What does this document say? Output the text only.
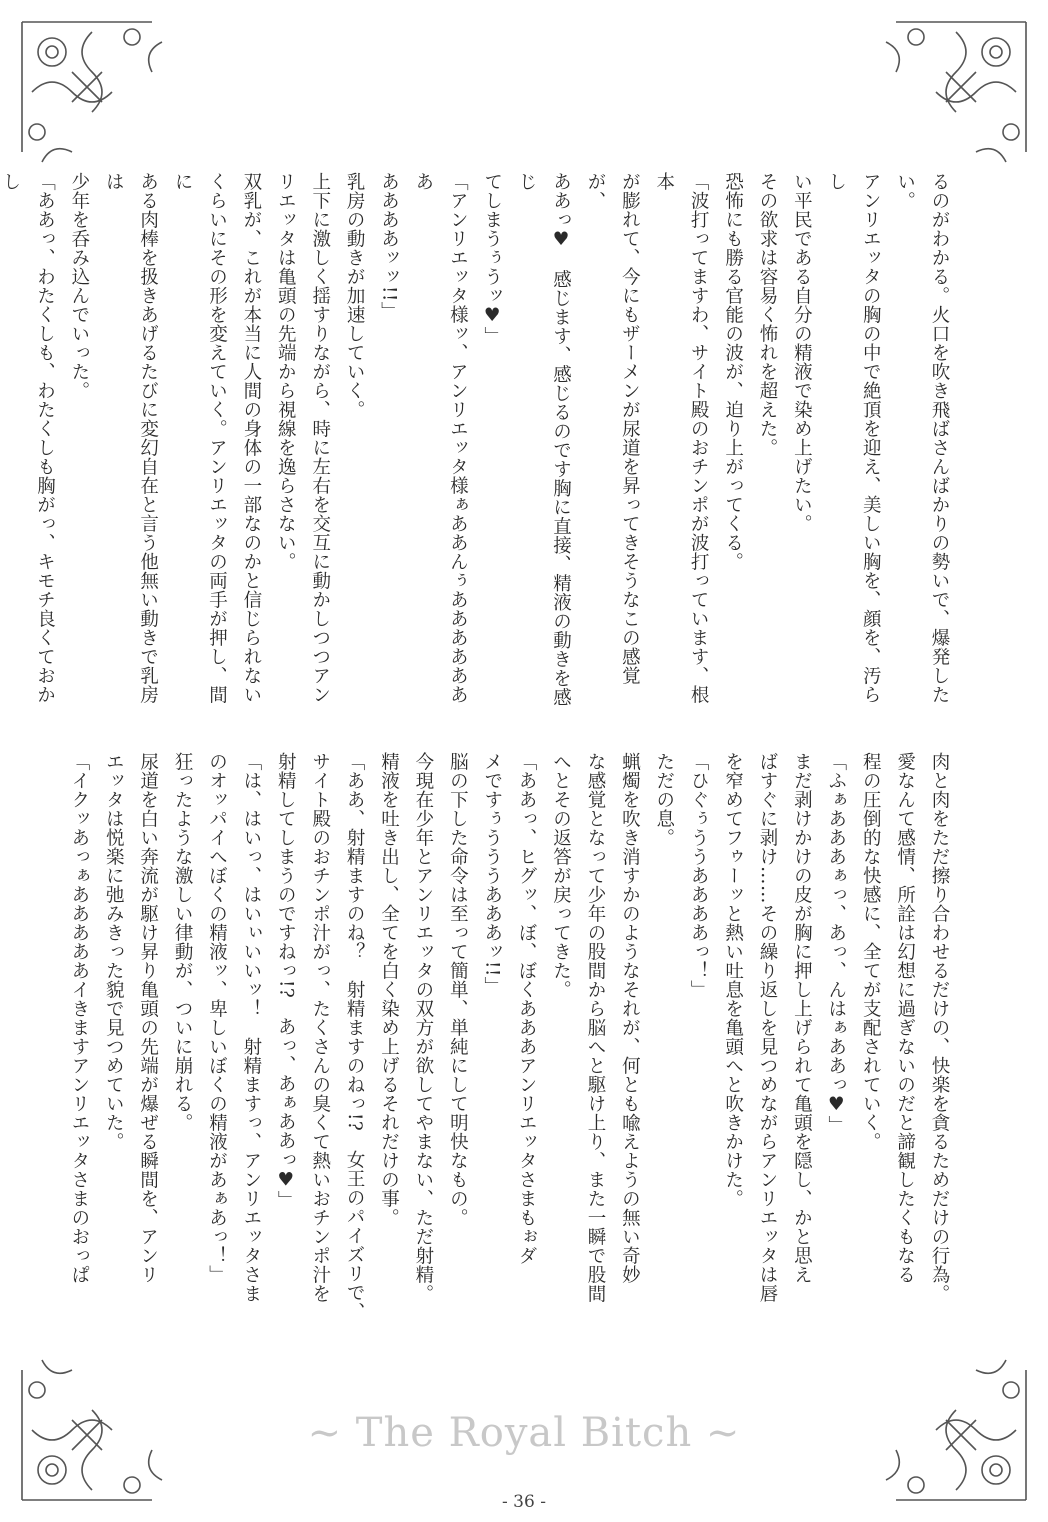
るのがわかる。火口を吹き飛ばさんばかりの勢いで、爆発したい。

アンリエッタの胸の中で絶頂を迎え、美しい胸を、顔を、汚らし

い平民である自分の精液で染め上げたい。

その欲求は容易く怖れを超えた。

恐怖にも勝る官能の波が、迫り上がってくる。

「波打ってますわ、サイト殿のおチンポが波打っています、根本

が膨れて、今にもザーメンが尿道を昇ってきそうなこの感覚が、

ああっ♥　感じます、感じるのです胸に直接、精液の動きを感じ

てしまうぅうッ♥」

「アンリエッタ様ッ、アンリエッタ様ぁああんぅあああああああ

ああああッッ!!」

乳房の動きが加速していく。

上下に激しく揺すりながら、時に左右を交互に動かしつつアン

リエッタは亀頭の先端から視線を逸らさない。

双乳が、これが本当に人間の身体の一部なのかと信じられない

くらいにその形を変えていく。アンリエッタの両手が押し、間に

ある肉棒を扱きあげるたびに変幻自在と言う他無い動きで乳房は

少年を呑み込んでいった。

「ああっ、わたくしも、わたくしも胸がっ、キモチ良くておかし

肉と肉をただ擦り合わせるだけの、快楽を貪るためだけの行為。

愛なんて感情、所詮は幻想に過ぎないのだと諦観したくもなる

程の圧倒的な快感に、全てが支配されていく。

「ふぁあああぁっ、あっ、んはぁああっ♥」

まだ剥けかけの皮が胸に押し上げられて亀頭を隠し、かと思え

ばすぐに剥け……その繰り返しを見つめながらアンリエッタは唇

を窄めてフゥーッと熱い吐息を亀頭へと吹きかけた。

「ひぐぅううああああっ！」

ただの息。

蝋燭を吹き消すかのようなそれが、何とも喩えようの無い奇妙

な感覚となって少年の股間から脳へと駆け上り、また一瞬で股間

へとその返答が戻ってきた。

「ああっ、ヒグッ、ぼ、ぼくあああアンリエッタさまもぉダ

メですぅうううあああッ!!」

脳の下した命令は至って簡単、単純にして明快なもの。

今現在少年とアンリエッタの双方が欲してやまない、ただ射精。

精液を吐き出し、全てを白く染め上げるそれだけの事。

「ああ、射精ますのね？　射精ますのねっ!?　女王のパイズリで、

サイト殿のおチンポ汁がっ、たくさんの臭くて熱いおチンポ汁を

射精してしまうのですねっ!?　あっ、あぁああっ♥」

「は、はいっ、はいぃいいッ！　射精ますっ、アンリエッタさま

のオッパイへぼくの精液ッ、卑しいぼくの精液があぁあっ！」

狂ったような激しい律動が、ついに崩れる。

尿道を白い奔流が駆け昇り亀頭の先端が爆ぜる瞬間を、アンリ

エッタは悦楽に弛みきった貌で見つめていた。

「イクッあっぁあああああイきますアンリエッタさまのおっぱ

~ The Royal Bitch ~
- 36 -
